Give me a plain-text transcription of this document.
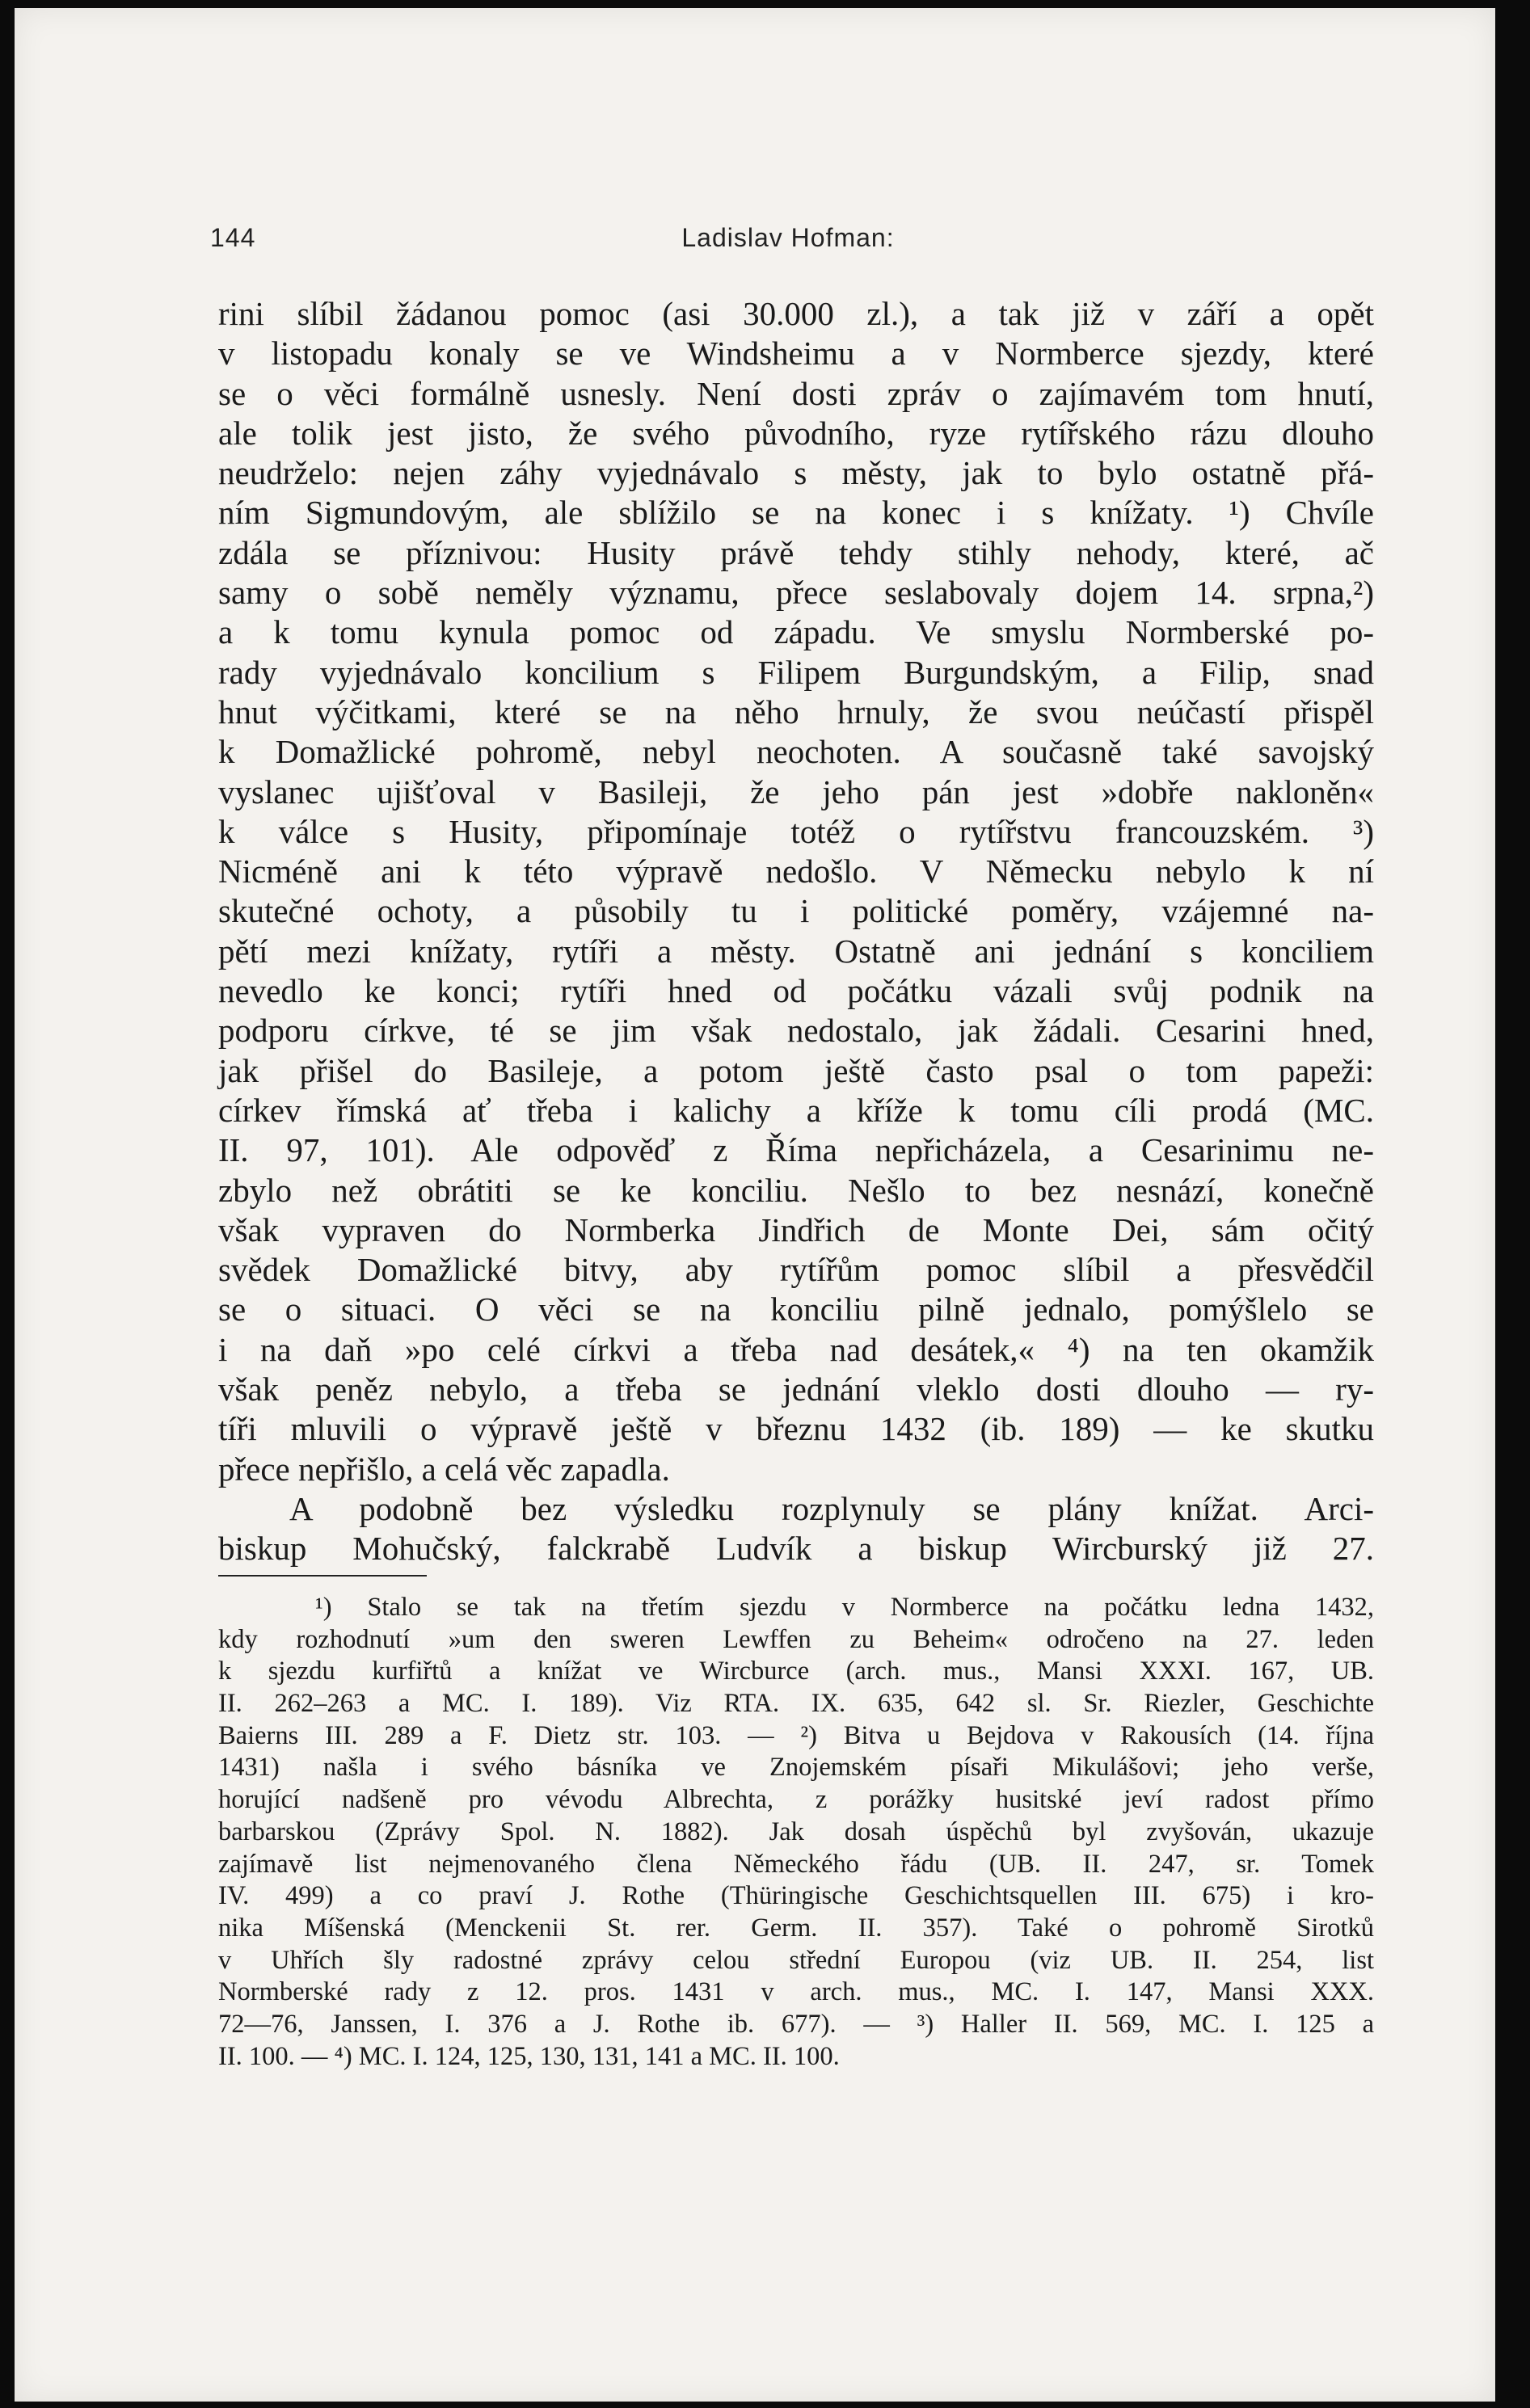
144	Ladislav Hofman:
rini slíbil žádanou pomoc (asi 30.000 zl.), a tak již v září a opět
v listopadu konaly se ve Windsheimu a v Normberce sjezdy, které
se o věci formálně usnesly. Není dosti zpráv o zajímavém tom hnutí,
ale tolik jest jisto, že svého původního, ryze rytířského rázu dlouho
neudrželo: nejen záhy vyjednávalo s městy, jak to bylo ostatně přá-
ním Sigmundovým, ale sblížilo se na konec i s knížaty. ¹) Chvíle
zdála se příznivou: Husity právě tehdy stihly nehody, které, ač
samy o sobě neměly významu, přece seslabovaly dojem 14. srpna,²)
a k tomu kynula pomoc od západu. Ve smyslu Normberské po-
rady vyjednávalo koncilium s Filipem Burgundským, a Filip, snad
hnut výčitkami, které se na něho hrnuly, že svou neúčastí přispěl
k Domažlické pohromě, nebyl neochoten. A současně také savojský
vyslanec ujišťoval v Basileji, že jeho pán jest »dobře nakloněn«
k válce s Husity, připomínaje totéž o rytířstvu francouzském. ³)
Nicméně ani k této výpravě nedošlo. V Německu nebylo k ní
skutečné ochoty, a působily tu i politické poměry, vzájemné na-
pětí mezi knížaty, rytíři a městy. Ostatně ani jednání s konciliem
nevedlo ke konci; rytíři hned od počátku vázali svůj podnik na
podporu církve, té se jim však nedostalo, jak žádali. Cesarini hned,
jak přišel do Basileje, a potom ještě často psal o tom papeži:
církev římská ať třeba i kalichy a kříže k tomu cíli prodá (MC.
II. 97, 101). Ale odpověď z Říma nepřicházela, a Cesarinimu ne-
zbylo než obrátiti se ke konciliu. Nešlo to bez nesnází, konečně
však vypraven do Normberka Jindřich de Monte Dei, sám očitý
svědek Domažlické bitvy, aby rytířům pomoc slíbil a přesvědčil
se o situaci. O věci se na konciliu pilně jednalo, pomýšlelo se
i na daň »po celé církvi a třeba nad desátek,« ⁴) na ten okamžik
však peněz nebylo, a třeba se jednání vleklo dosti dlouho — ry-
tíři mluvili o výpravě ještě v březnu 1432 (ib. 189) — ke skutku
přece nepřišlo, a celá věc zapadla.
A podobně bez výsledku rozplynuly se plány knížat. Arci-
biskup Mohučský, falckrabě Ludvík a biskup Wircburský již 27.
¹) Stalo se tak na třetím sjezdu v Normberce na počátku ledna 1432,
kdy rozhodnutí »um den sweren Lewffen zu Beheim« odročeno na 27. leden
k sjezdu kurfiřtů a knížat ve Wircburce (arch. mus., Mansi XXXI. 167, UB.
II. 262–263 a MC. I. 189). Viz RTA. IX. 635, 642 sl. Sr. Riezler, Geschichte
Baierns III. 289 a F. Dietz str. 103. — ²) Bitva u Bejdova v Rakousích (14. října
1431) našla i svého básníka ve Znojemském písaři Mikulášovi; jeho verše,
horující nadšeně pro vévodu Albrechta, z porážky husitské jeví radost přímo
barbarskou (Zprávy Spol. N. 1882). Jak dosah úspěchů byl zvyšován, ukazuje
zajímavě list nejmenovaného člena Německého řádu (UB. II. 247, sr. Tomek
IV. 499) a co praví J. Rothe (Thüringische Geschichtsquellen III. 675) i kro-
nika Míšenská (Menckenii St. rer. Germ. II. 357). Také o pohromě Sirotků
v Uhřích šly radostné zprávy celou střední Europou (viz UB. II. 254, list
Normberské rady z 12. pros. 1431 v arch. mus., MC. I. 147, Mansi XXX.
72—76, Janssen, I. 376 a J. Rothe ib. 677). — ³) Haller II. 569, MC. I. 125 a
II. 100. — ⁴) MC. I. 124, 125, 130, 131, 141 a MC. II. 100.
